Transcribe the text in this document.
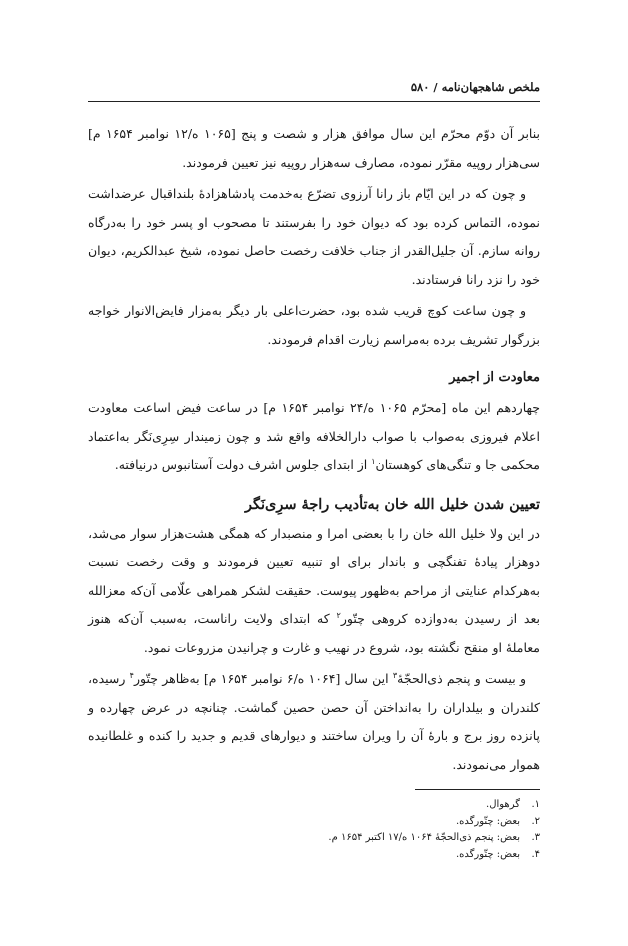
ملخص شاهجهان‌نامه / ۵۸۰

بنابر آن دوّم محرّم این سال موافق هزار و شصت و پنج [۱۰۶۵ ه/۱۲ نوامبر ۱۶۵۴ م] سی‌هزار روپیه مقرّر نموده، مصارف سه‌هزار روپیه نیز تعیین فرمودند.

و چون که در این ایّام باز رانا آرزوی تضرّع به‌خدمت پادشاهزادهٔ بلنداقبال عرضداشت نموده، التماس کرده بود که دیوان خود را بفرستند تا مصحوب او پسر خود را به‌درگاه روانه سازم. آن جلیل‌القدر از جناب خلافت رخصت حاصل نموده، شیخ عبدالکریم، دیوان خود را نزد رانا فرستادند.

و چون ساعت کوچ قریب شده بود، حضرت‌اعلی بار دیگر به‌مزار فایض‌الانوار خواجه بزرگوار تشریف برده به‌مراسم زیارت اقدام فرمودند.

معاودت از اجمیر

چهاردهم این ماه [محرّم ۱۰۶۵ ه/۲۴ نوامبر ۱۶۵۴ م] در ساعت فیض اساعت معاودت اعلام فیروزی به‌صواب با صواب دارالخلافه واقع شد و چون زمیندار سِرِی‌نَگر به‌اعتماد محکمی جا و تنگی‌های کوهستان$^۱$ از ابتدای جلوس اشرف دولت آستانبوس درنیافته.

تعیین شدن خلیل الله خان به‌تأدیب راجهٔ سرِی‌نَگر

در این ولا خلیل الله خان را با بعضی امرا و منصبدار که همگی هشت‌هزار سوار می‌شد، دوهزار پیادهٔ تفنگچی و باندار برای او تنبیه تعیین فرمودند و وقت رخصت نسبت به‌هرکدام عنایتی از مراحم به‌ظهور پیوست. حقیقت لشکر همراهی علّامی آن‌که معزالله بعد از رسیدن به‌دوازده کروهی چتّور$^۲$ که ابتدای ولایت راناست، به‌سبب آن‌که هنوز معاملهٔ او منقح نگشته بود، شروع در نهیب و غارت و چرانیدن مزروعات نمود.

و بیست و پنجم ذی‌الحجّهٔ$^۳$ این سال [۱۰۶۴ ه/۶ نوامبر ۱۶۵۴ م] به‌ظاهر چتّور$^۴$ رسیده، کلندران و بیلداران را به‌انداختن آن حصن حصین گماشت. چنانچه در عرض چهارده و پانزده روز برج و بارهٔ آن را ویران ساختند و دیوارهای قدیم و جدید را کنده و غلطانیده هموار می‌نمودند.

۱.
گرهوال.
۲.
بعض: چتّورگده.
۳.
بعض: پنجم ذی‌الحجّهٔ ۱۰۶۴ ه/۱۷ اکتبر ۱۶۵۴ م.
۴.
بعض: چتّورگده.
